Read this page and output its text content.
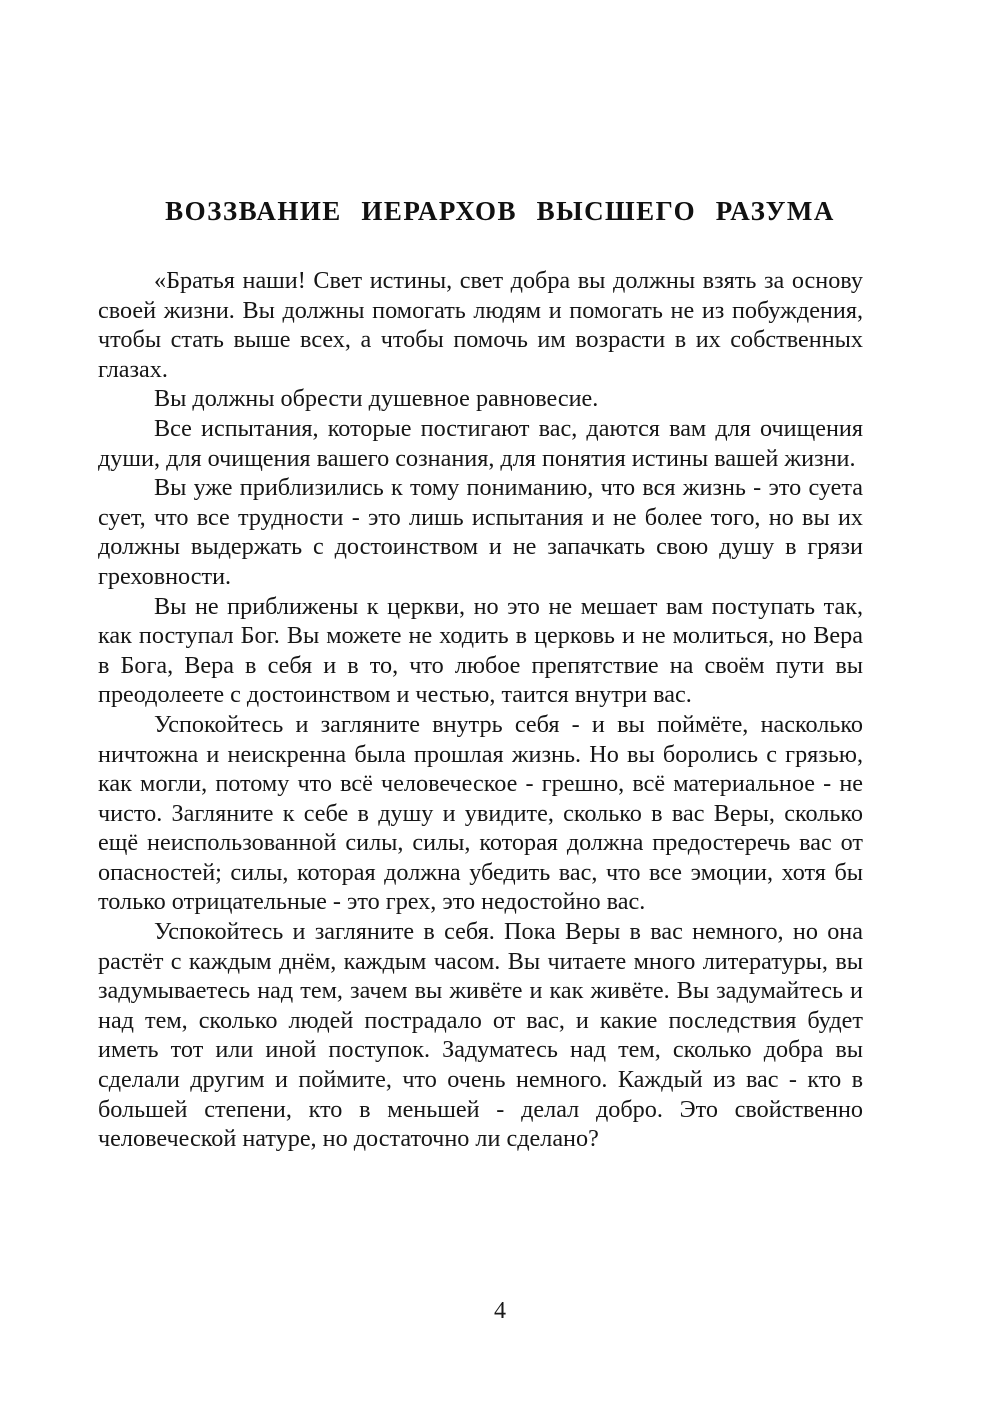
ВОЗЗВАНИЕ ИЕРАРХОВ ВЫСШЕГО РАЗУМА

«Братья наши! Свет истины, свет добра вы должны взять за основу своей жизни. Вы должны помогать людям и помогать не из побуждения, чтобы стать выше всех, а чтобы помочь им возрасти в их собственных глазах.

Вы должны обрести душевное равновесие.

Все испытания, которые постигают вас, даются вам для очищения души, для очищения вашего сознания, для понятия истины вашей жизни.

Вы уже приблизились к тому пониманию, что вся жизнь - это суета сует, что все трудности - это лишь испытания и не более того, но вы их должны выдержать с достоинством и не запачкать свою душу в грязи греховности.

Вы не приближены к церкви, но это не мешает вам поступать так, как поступал Бог. Вы можете не ходить в церковь и не молиться, но Вера в Бога, Вера в себя и в то, что любое препятствие на своём пути вы преодолеете с достоинством и честью, таится внутри вас.

Успокойтесь и загляните внутрь себя - и вы поймёте, насколько ничтожна и неискренна была прошлая жизнь. Но вы боролись с грязью, как могли, потому что всё человеческое - грешно, всё материальное - не чисто. Загляните к себе в душу и увидите, сколько в вас Веры, сколько ещё неиспользованной силы, силы, которая должна предостеречь вас от опасностей; силы, которая должна убедить вас, что все эмоции, хотя бы только отрицательные - это грех, это недостойно вас.

Успокойтесь и загляните в себя. Пока Веры в вас немного, но она растёт с каждым днём, каждым часом. Вы читаете много литературы, вы задумываетесь над тем, зачем вы живёте и как живёте. Вы задумайтесь и над тем, сколько людей пострадало от вас, и какие последствия будет иметь тот или иной поступок. Задуматесь над тем, сколько добра вы сделали другим и поймите, что очень немного. Каждый из вас - кто в большей степени, кто в меньшей - делал добро. Это свойственно человеческой натуре, но достаточно ли сделано?

4
